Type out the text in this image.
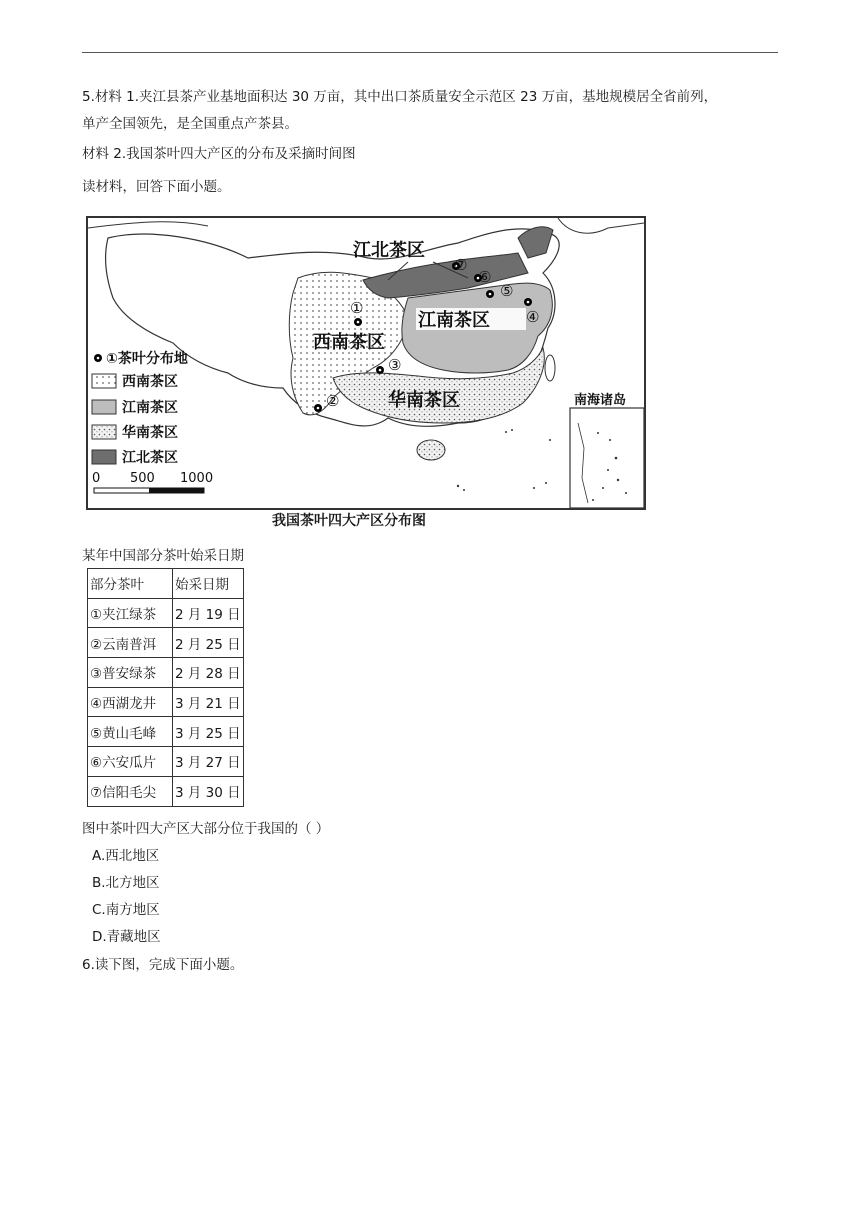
5.材料 1.夹江县茶产业基地面积达 30 万亩，其中出口茶质量安全示范区 23 万亩，基地规模居全省前列，
单产全国领先，是全国重点产茶县。
材料 2.我国茶叶四大产区的分布及采摘时间图
读材料，回答下面小题。
江北茶区
江南茶区
西南茶区
华南茶区
①
②
③
④
⑤
⑥
⑦
南海诸岛
①茶叶分布地
西南茶区
江南茶区
华南茶区
江北茶区
0 500 1000
我国茶叶四大产区分布图
某年中国部分茶叶始采日期
部分茶叶	始采日期
①夹江绿茶	2 月 19 日
②云南普洱	2 月 25 日
③普安绿茶	2 月 28 日
④西湖龙井	3 月 21 日
⑤黄山毛峰	3 月 25 日
⑥六安瓜片	3 月 27 日
⑦信阳毛尖	3 月 30 日
图中茶叶四大产区大部分位于我国的（ ）
A.西北地区
B.北方地区
C.南方地区
D.青藏地区
6.读下图，完成下面小题。
